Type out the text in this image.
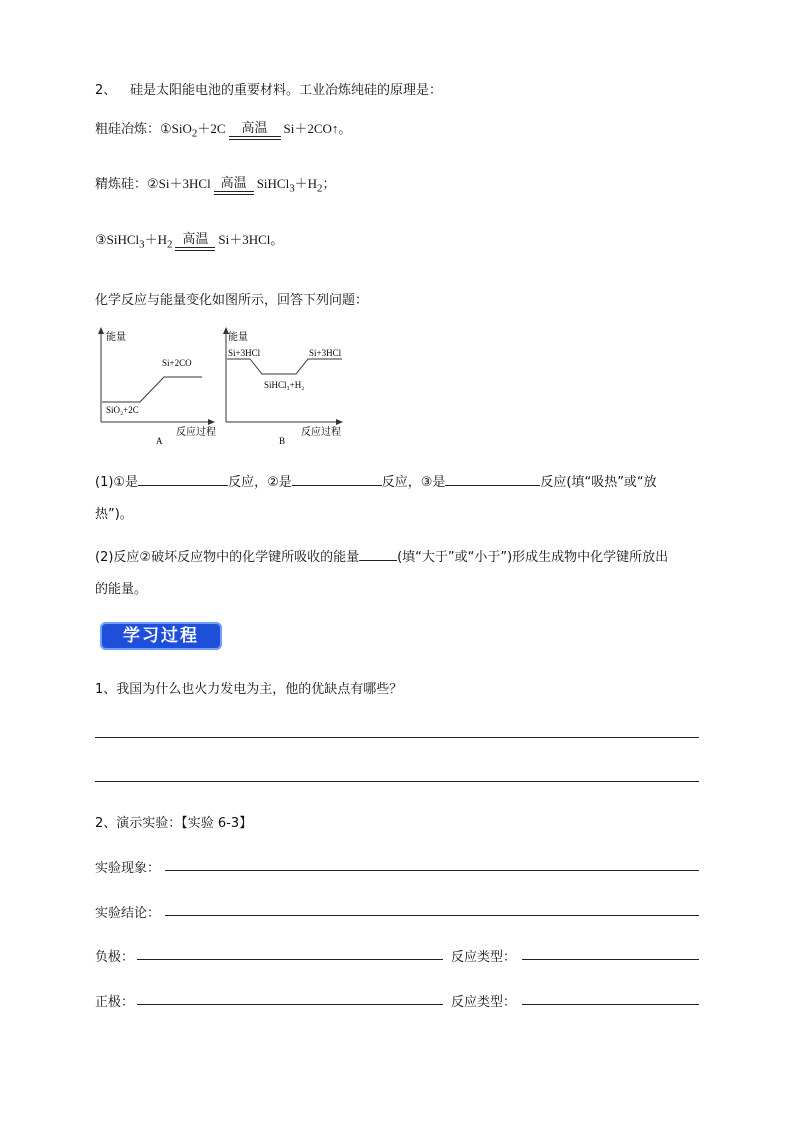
2、 硅是太阳能电池的重要材料。工业冶炼纯硅的原理是：
粗硅冶炼：①SiO$_2$＋2C	高温	Si＋2CO↑。
精炼硅：②Si＋3HCl 高温 $SiHCl_3+H_2$；
$③SiHCl_3+H_2$ 高温 Si＋3HCl。
化学反应与能量变化如图所示，回答下列问题：
能量
反应过程
A
SiO₂+2C
Si+2CO
能量
反应过程
B
Si+3HCl
SiHCl₃+H₂
Si+3HCl
(1)①是	反应，②是	反应，③是	反应(填“吸热”或“放
热”)。
(2)反应②破坏反应物中的化学键所吸收的能量	(填“大于”或“小于”)形成生成物中化学键所放出
的能量。
学习过程
1、我国为什么也火力发电为主，他的优缺点有哪些？
2、演示实验：【实验 6-3】
实验现象：
实验结论：
负极：	反应类型：
正极：	反应类型：
